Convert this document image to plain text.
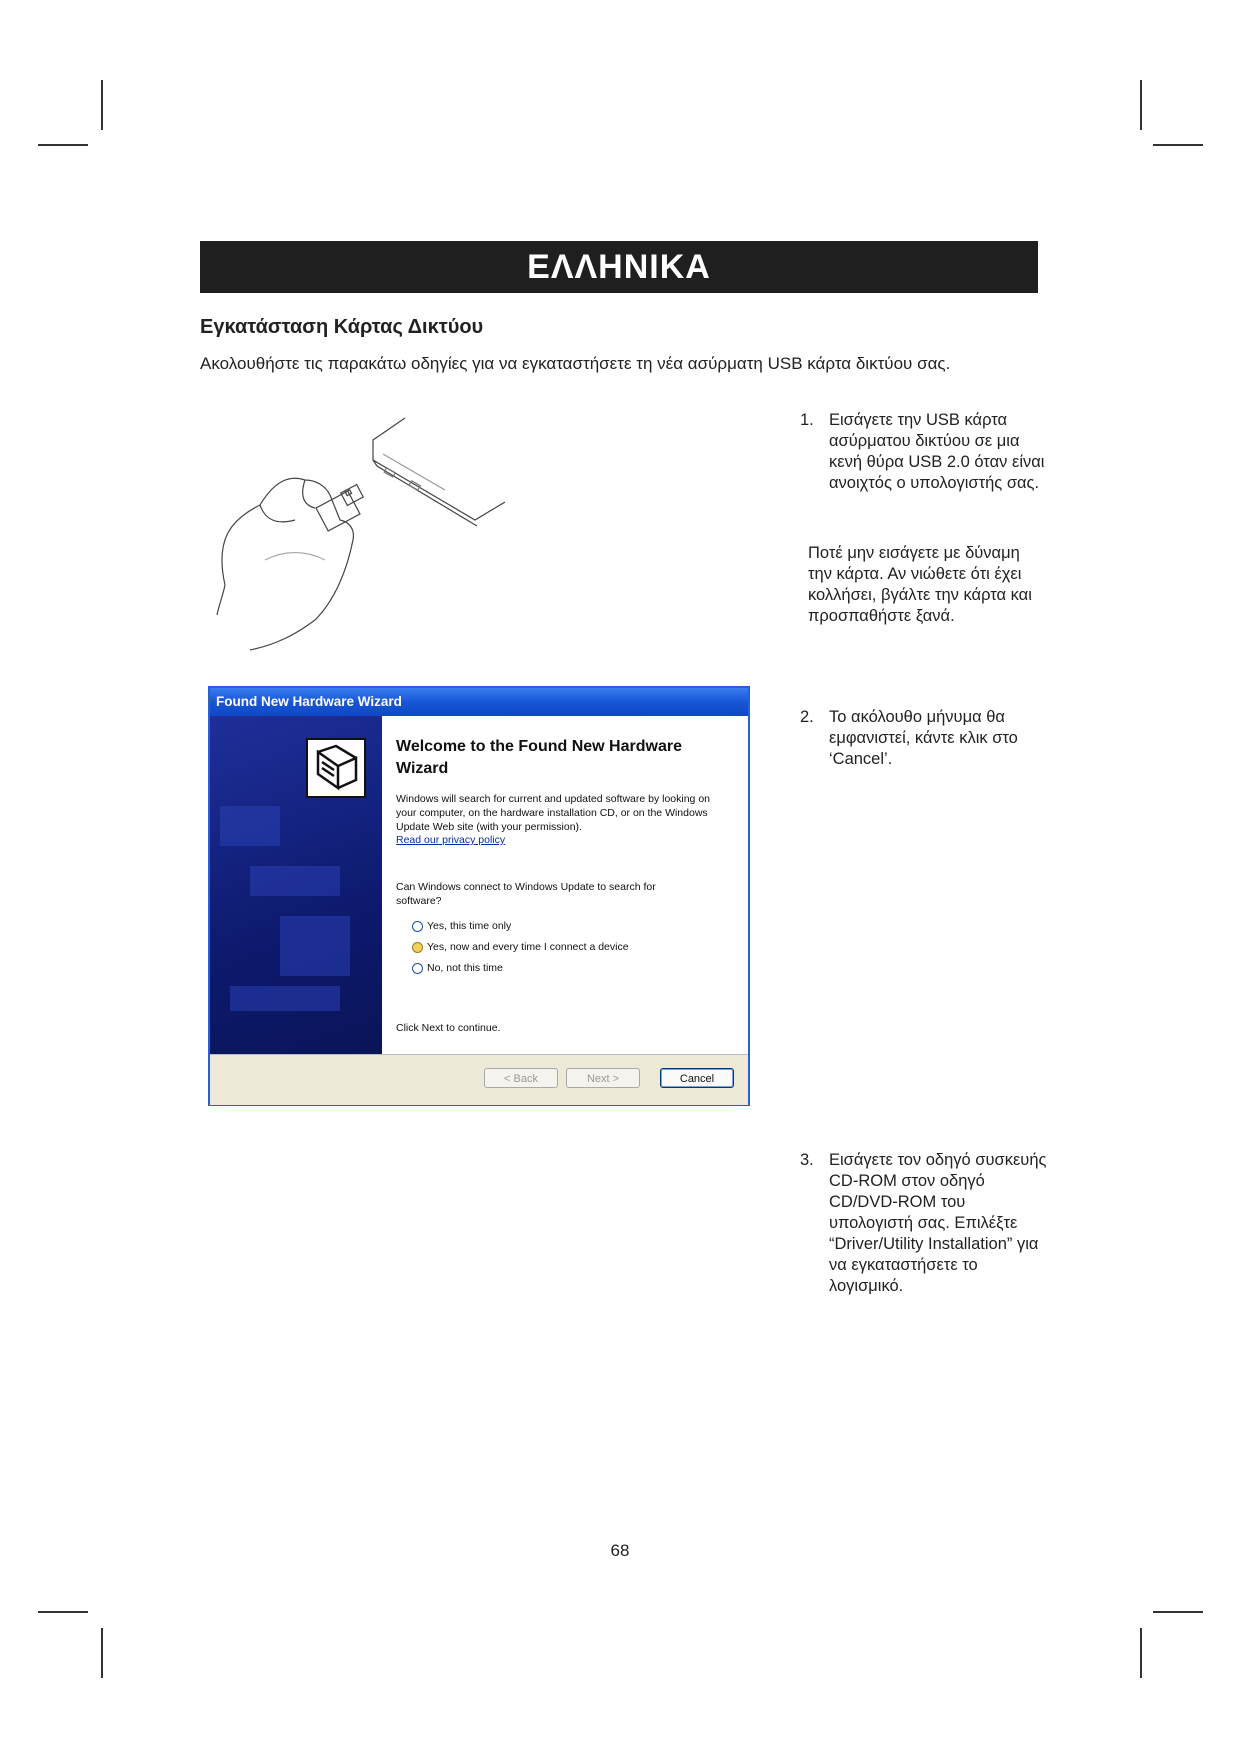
ΕΛΛΗΝΙΚΑ
Εγκατάσταση Κάρτας Δικτύου
Ακολουθήστε τις παρακάτω οδηγίες για να εγκαταστήσετε τη νέα ασύρματη USB κάρτα δικτύου σας.
1. Εισάγετε την USB κάρτα ασύρματου δικτύου σε μια κενή θύρα USB 2.0 όταν είναι ανοιχτός ο υπολογιστής σας.
Ποτέ μην εισάγετε με δύναμη την κάρτα. Αν νιώθετε ότι έχει κολλήσει, βγάλτε την κάρτα και προσπαθήστε ξανά.
2. Το ακόλουθο μήνυμα θα εμφανιστεί, κάντε κλικ στο ‘Cancel’.
3. Εισάγετε τον οδηγό συσκευής CD-ROM στον οδηγό CD/DVD-ROM του υπολογιστή σας. Επιλέξτε “Driver/Utility Installation” για να εγκαταστήσετε το λογισμικό.
Found New Hardware Wizard
Welcome to the Found New Hardware Wizard
Windows will search for current and updated software by looking on your computer, on the hardware installation CD, or on the Windows Update Web site (with your permission).
Read our privacy policy
Can Windows connect to Windows Update to search for software?
Yes, this time only
Yes, now and every time I connect a device
No, not this time
Click Next to continue.
< Back	Next >	Cancel
68
